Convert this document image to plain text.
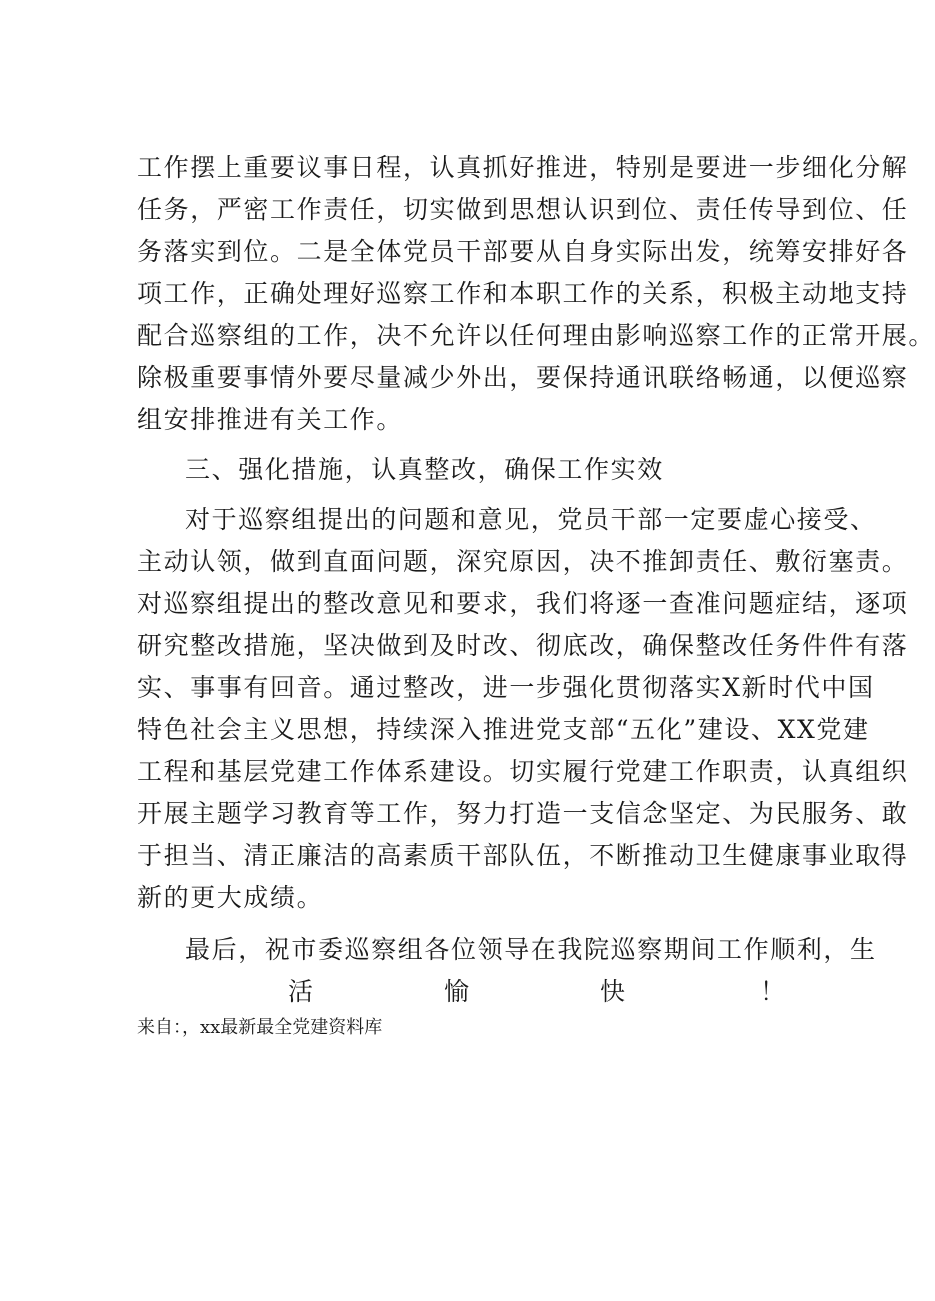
工作摆上重要议事日程，认真抓好推进，特别是要进一步细化分解
任务，严密工作责任，切实做到思想认识到位、责任传导到位、任
务落实到位。二是全体党员干部要从自身实际出发，统筹安排好各
项工作，正确处理好巡察工作和本职工作的关系，积极主动地支持
配合巡察组的工作，决不允许以任何理由影响巡察工作的正常开展。
除极重要事情外要尽量减少外出，要保持通讯联络畅通，以便巡察
组安排推进有关工作。
三、强化措施，认真整改，确保工作实效
对于巡察组提出的问题和意见，党员干部一定要虚心接受、
主动认领，做到直面问题，深究原因，决不推卸责任、敷衍塞责。
对巡察组提出的整改意见和要求，我们将逐一查准问题症结，逐项
研究整改措施，坚决做到及时改、彻底改，确保整改任务件件有落
实、事事有回音。通过整改，进一步强化贯彻落实X新时代中国
特色社会主义思想，持续深入推进党支部“五化”建设、XX党建
工程和基层党建工作体系建设。切实履行党建工作职责，认真组织
开展主题学习教育等工作，努力打造一支信念坚定、为民服务、敢
于担当、清正廉洁的高素质干部队伍，不断推动卫生健康事业取得
新的更大成绩。
最后，祝市委巡察组各位领导在我院巡察期间工作顺利，生
活	愉	快	！
来自：，xx最新最全党建资料库
